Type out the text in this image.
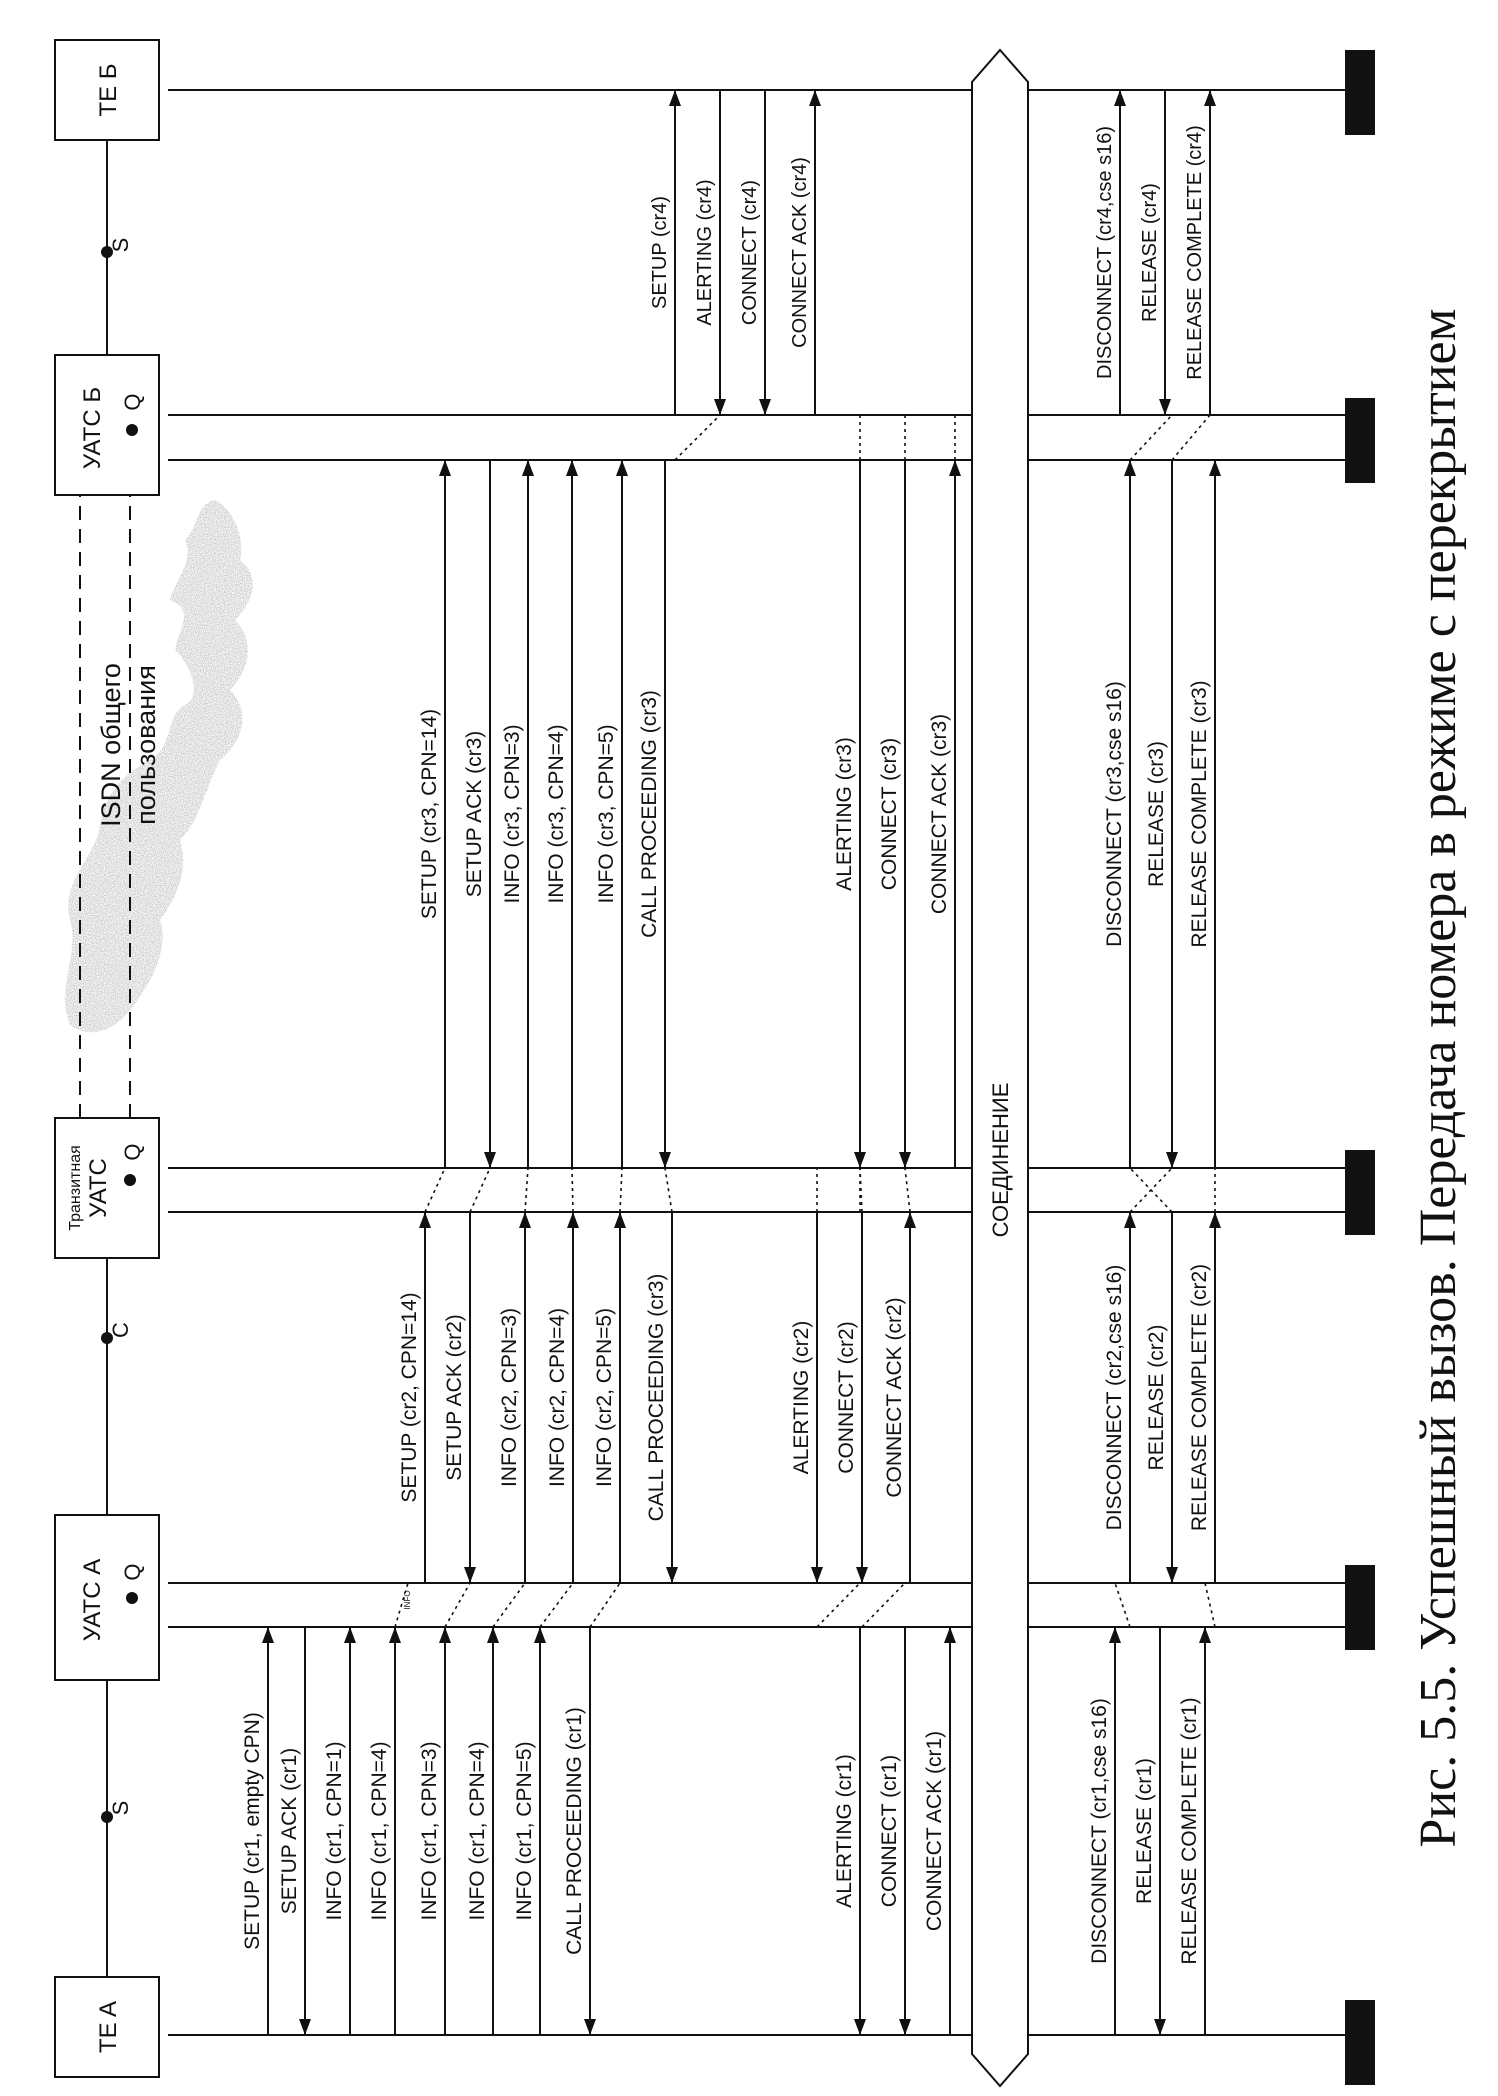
ISDN общего пользования
S
C
S
TE A
УАТС А Q
Транзитная УАТС
Q
УАТС Б Q
TE Б
SETUP (cr1, empty CPN) SETUP ACK (cr1) INFO (cr1, CPN=1) INFO (cr1, CPN=4) INFO (cr1, CPN=3) INFO (cr1, CPN=4) INFO (cr1, CPN=5) CALL PROCEEDING (cr1)	ALERTING (cr1) CONNECT (cr1) CONNECT ACK (cr1)	DISCONNECT (cr1,cse s16) RELEASE (cr1) RELEASE COMPLETE (cr1)
SETUP (cr2, CPN=14) SETUP ACK (cr2) INFO (cr2, CPN=3) INFO (cr2, CPN=4) INFO (cr2, CPN=5) CALL PROCEEDING (cr3)	ALERTING (cr2) CONNECT (cr2) CONNECT ACK (cr2)	DISCONNECT (cr2,cse s16) RELEASE (cr2) RELEASE COMPLETE (cr2)
SETUP (cr3, CPN=14) SETUP ACK (cr3) INFO (cr3, CPN=3) INFO (cr3, CPN=4) INFO (cr3, CPN=5) CALL PROCEEDING (cr3)	ALERTING (cr3) CONNECT (cr3) CONNECT ACK (cr3)	DISCONNECT (cr3,cse s16) RELEASE (cr3) RELEASE COMPLETE (cr3)
SETUP (cr4) ALERTING (cr4) CONNECT (cr4) CONNECT ACK (cr4)	DISCONNECT (cr4,cse s16) RELEASE (cr4) RELEASE COMPLETE (cr4)
СОЕДИНЕНИЕ
INFO	Рис. 5.5. Успешный вызов. Передача номера в режиме с перекрытием
